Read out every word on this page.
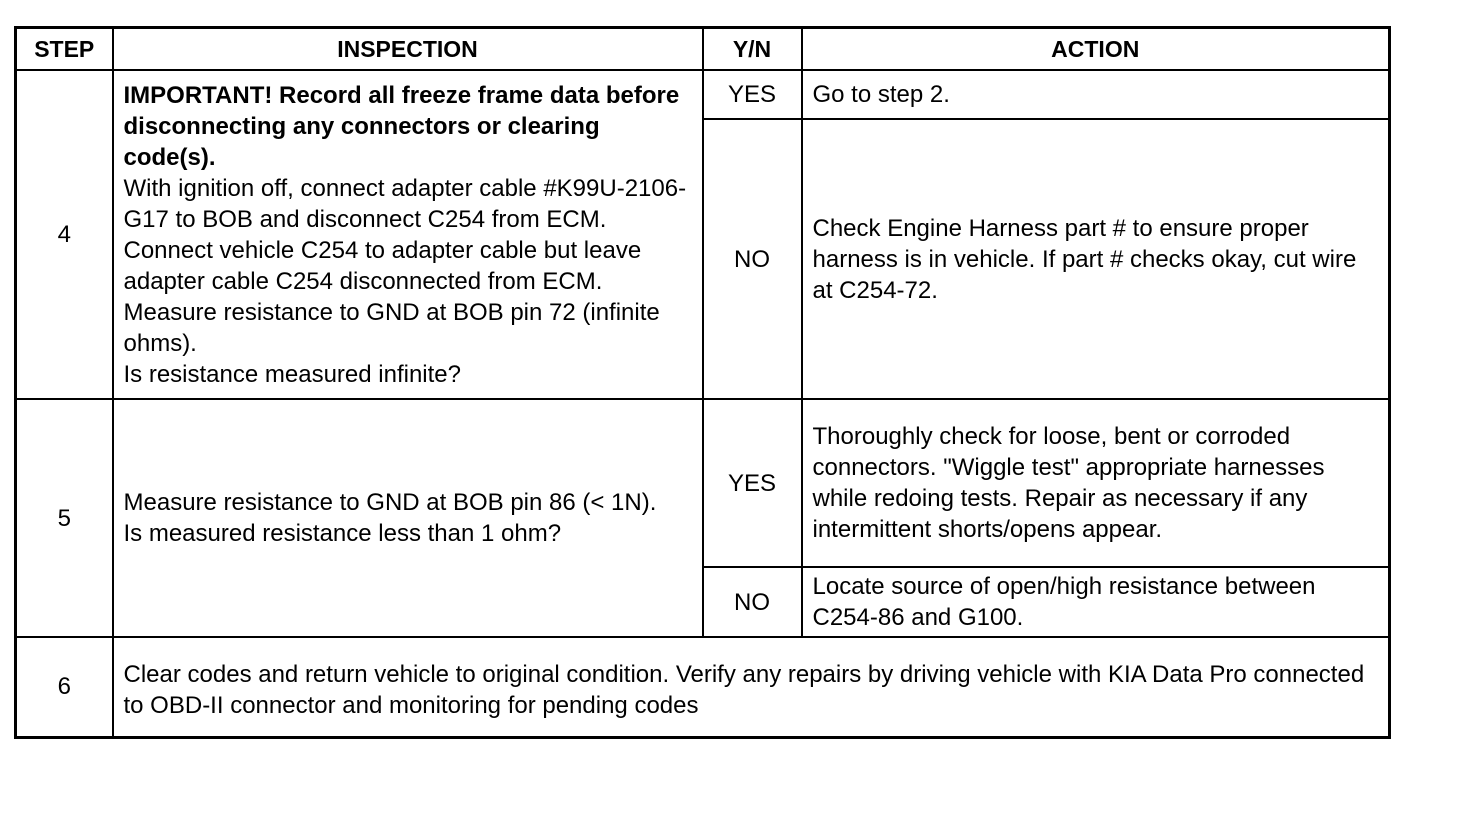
STEP	INSPECTION	Y/N	ACTION
4	IMPORTANT! Record all freeze frame data before disconnecting any connectors or clearing code(s).
With ignition off, connect adapter cable #K99U-2106-G17 to BOB and disconnect C254 from ECM. Connect vehicle C254 to adapter cable but leave adapter cable C254 disconnected from ECM. Measure resistance to GND at BOB pin 72 (infinite ohms).
Is resistance measured infinite?	YES	Go to step 2.
		NO	Check Engine Harness part # to ensure proper harness is in vehicle. If part # checks okay, cut wire at C254-72.
5	Measure resistance to GND at BOB pin 86 (< 1N).
Is measured resistance less than 1 ohm?	YES	Thoroughly check for loose, bent or corroded connectors. "Wiggle test" appropriate harnesses while redoing tests. Repair as necessary if any intermittent shorts/opens appear.
		NO	Locate source of open/high resistance between C254-86 and G100.
6	Clear codes and return vehicle to original condition. Verify any repairs by driving vehicle with KIA Data Pro connected to OBD-II connector and monitoring for pending codes		
